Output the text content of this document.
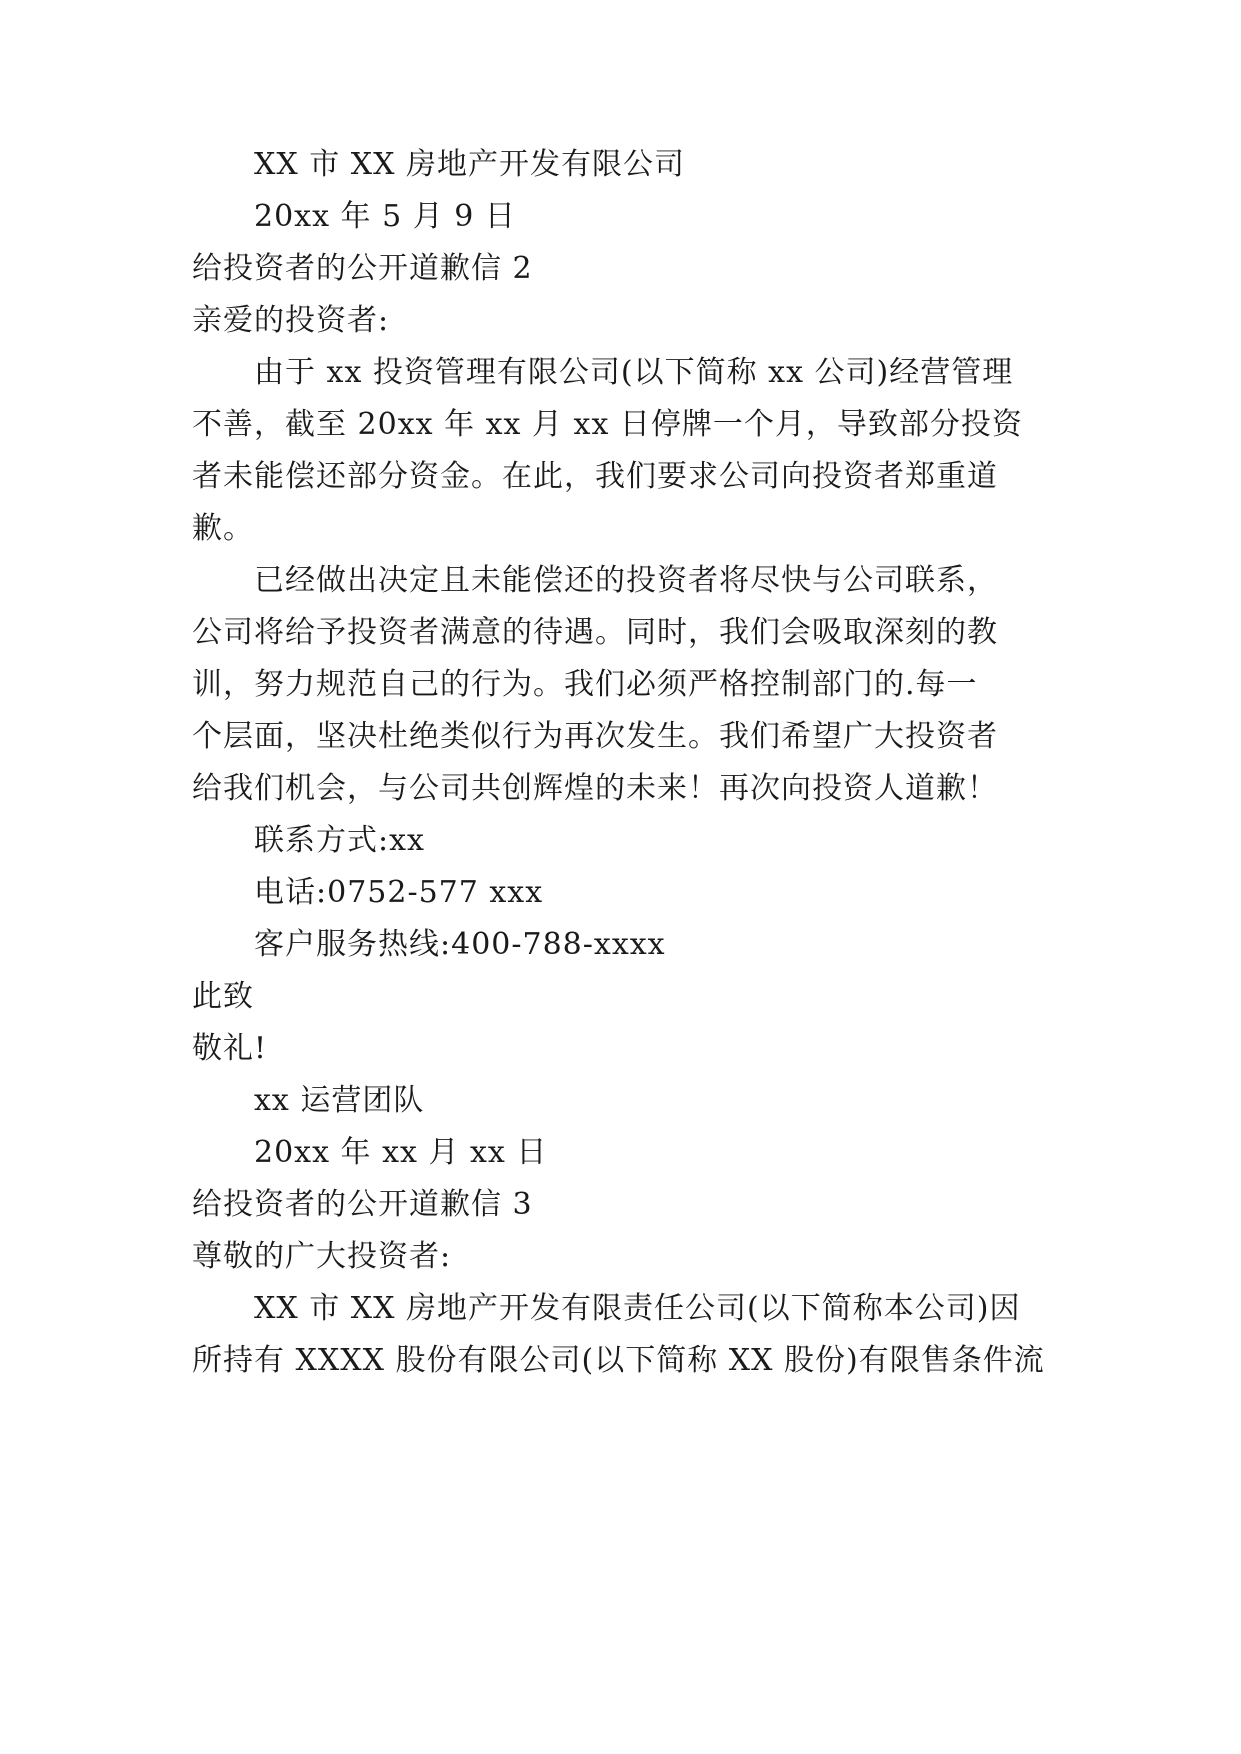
XX 市 XX 房地产开发有限公司
20xx 年 5 月 9 日
给投资者的公开道歉信 2
亲爱的投资者:
由于 xx 投资管理有限公司(以下简称 xx 公司)经营管理
不善，截至 20xx 年 xx 月 xx 日停牌一个月，导致部分投资
者未能偿还部分资金。在此，我们要求公司向投资者郑重道
歉。
已经做出决定且未能偿还的投资者将尽快与公司联系，
公司将给予投资者满意的待遇。同时，我们会吸取深刻的教
训，努力规范自己的行为。我们必须严格控制部门的.每一
个层面，坚决杜绝类似行为再次发生。我们希望广大投资者
给我们机会，与公司共创辉煌的未来！再次向投资人道歉！
联系方式:xx
电话:0752-577 xxx
客户服务热线:400-788-xxxx
此致
敬礼!
xx 运营团队
20xx 年 xx 月 xx 日
给投资者的公开道歉信 3
尊敬的广大投资者:
XX 市 XX 房地产开发有限责任公司(以下简称本公司)因
所持有 XXXX 股份有限公司(以下简称 XX 股份)有限售条件流
